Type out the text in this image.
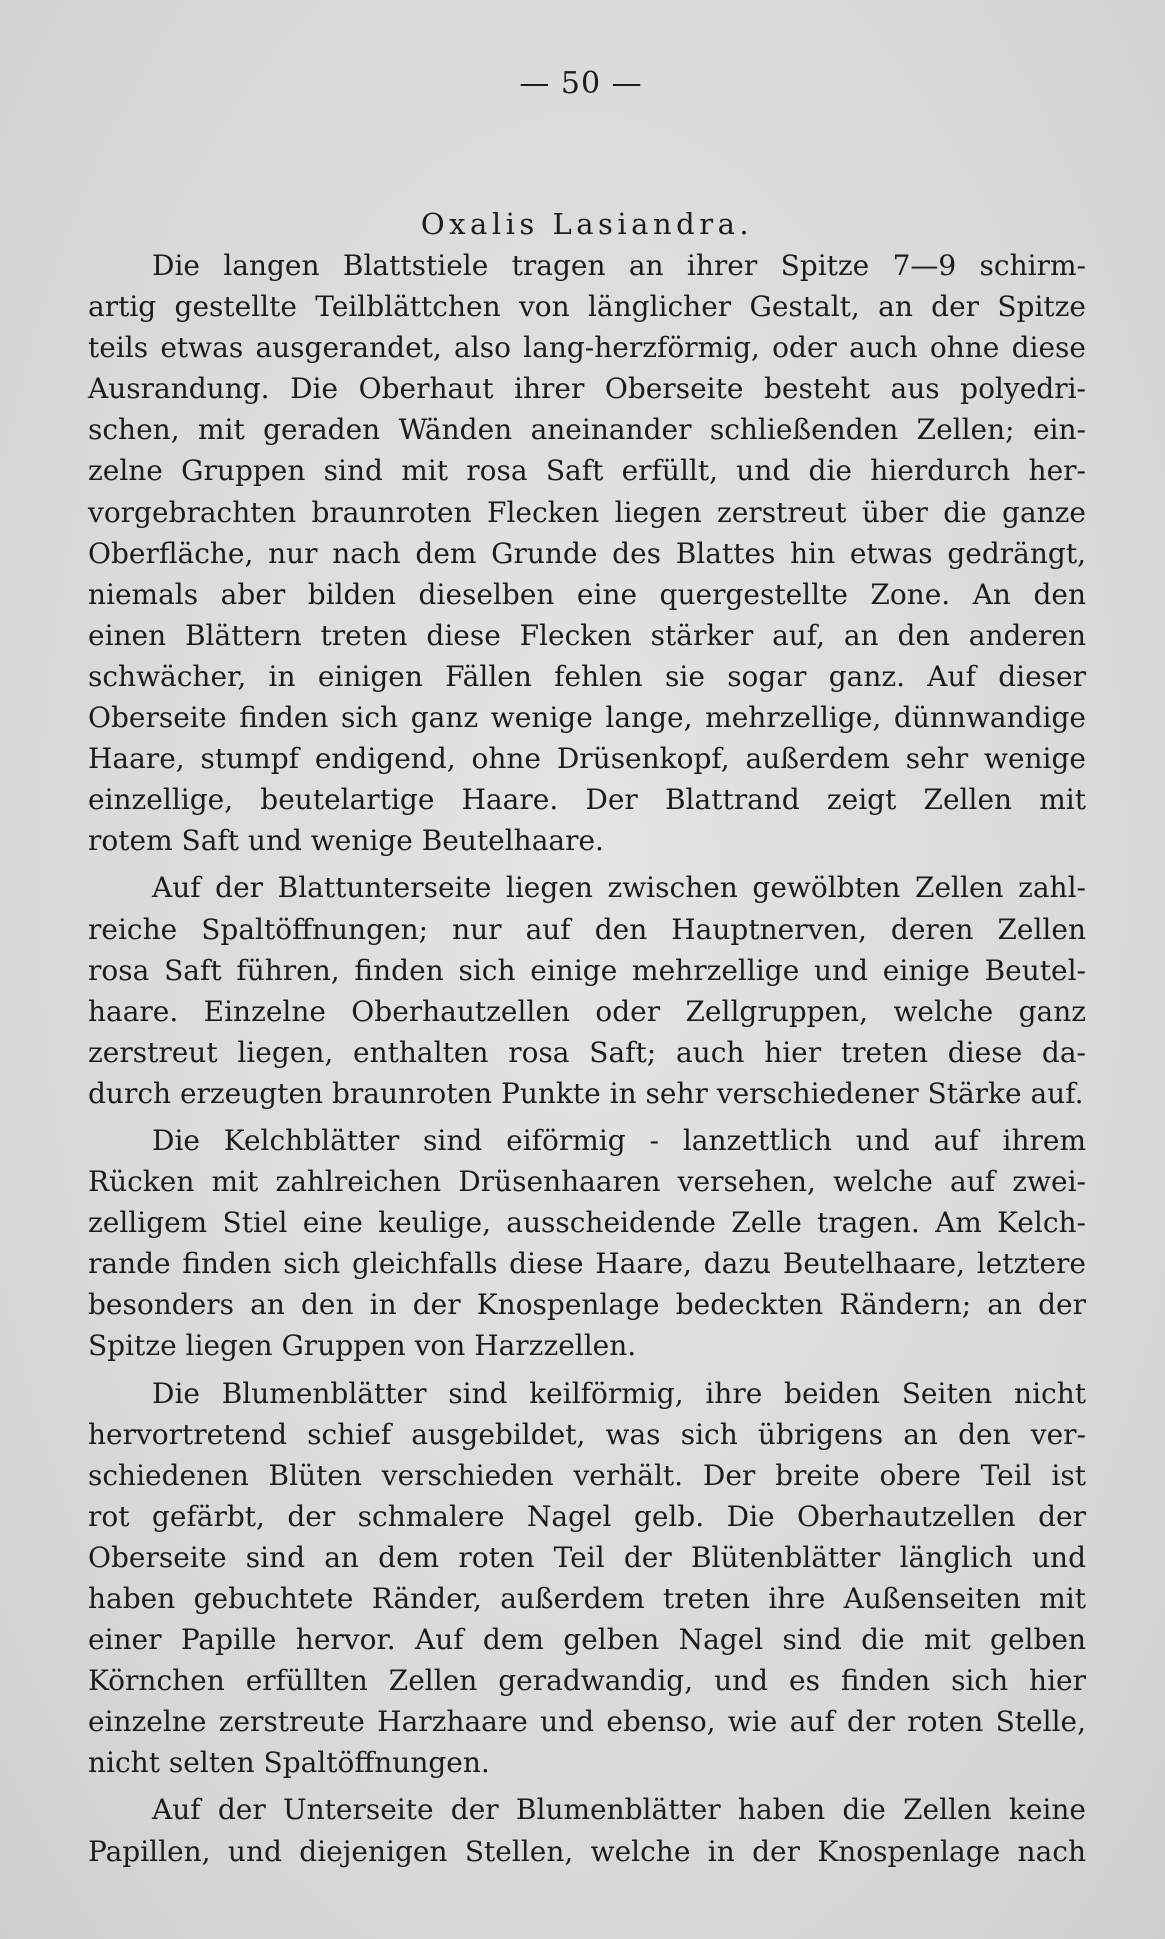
— 50 —
Oxalis Lasiandra.
Die langen Blattstiele tragen an ihrer Spitze 7—9 schirm-
artig gestellte Teilblättchen von länglicher Gestalt, an der Spitze
teils etwas ausgerandet, also lang-herzförmig, oder auch ohne diese
Ausrandung. Die Oberhaut ihrer Oberseite besteht aus polyedri-
schen, mit geraden Wänden aneinander schließenden Zellen; ein-
zelne Gruppen sind mit rosa Saft erfüllt, und die hierdurch her-
vorgebrachten braunroten Flecken liegen zerstreut über die ganze
Oberfläche, nur nach dem Grunde des Blattes hin etwas gedrängt,
niemals aber bilden dieselben eine quergestellte Zone. An den
einen Blättern treten diese Flecken stärker auf, an den anderen
schwächer, in einigen Fällen fehlen sie sogar ganz. Auf dieser
Oberseite finden sich ganz wenige lange, mehrzellige, dünnwandige
Haare, stumpf endigend, ohne Drüsenkopf, außerdem sehr wenige
einzellige, beutelartige Haare. Der Blattrand zeigt Zellen mit
rotem Saft und wenige Beutelhaare.
Auf der Blattunterseite liegen zwischen gewölbten Zellen zahl-
reiche Spaltöffnungen; nur auf den Hauptnerven, deren Zellen
rosa Saft führen, finden sich einige mehrzellige und einige Beutel-
haare. Einzelne Oberhautzellen oder Zellgruppen, welche ganz
zerstreut liegen, enthalten rosa Saft; auch hier treten diese da-
durch erzeugten braunroten Punkte in sehr verschiedener Stärke auf.
Die Kelchblätter sind eiförmig - lanzettlich und auf ihrem
Rücken mit zahlreichen Drüsenhaaren versehen, welche auf zwei-
zelligem Stiel eine keulige, ausscheidende Zelle tragen. Am Kelch-
rande finden sich gleichfalls diese Haare, dazu Beutelhaare, letztere
besonders an den in der Knospenlage bedeckten Rändern; an der
Spitze liegen Gruppen von Harzzellen.
Die Blumenblätter sind keilförmig, ihre beiden Seiten nicht
hervortretend schief ausgebildet, was sich übrigens an den ver-
schiedenen Blüten verschieden verhält. Der breite obere Teil ist
rot gefärbt, der schmalere Nagel gelb. Die Oberhautzellen der
Oberseite sind an dem roten Teil der Blütenblätter länglich und
haben gebuchtete Ränder, außerdem treten ihre Außenseiten mit
einer Papille hervor. Auf dem gelben Nagel sind die mit gelben
Körnchen erfüllten Zellen geradwandig, und es finden sich hier
einzelne zerstreute Harzhaare und ebenso, wie auf der roten Stelle,
nicht selten Spaltöffnungen.
Auf der Unterseite der Blumenblätter haben die Zellen keine
Papillen, und diejenigen Stellen, welche in der Knospenlage nach
